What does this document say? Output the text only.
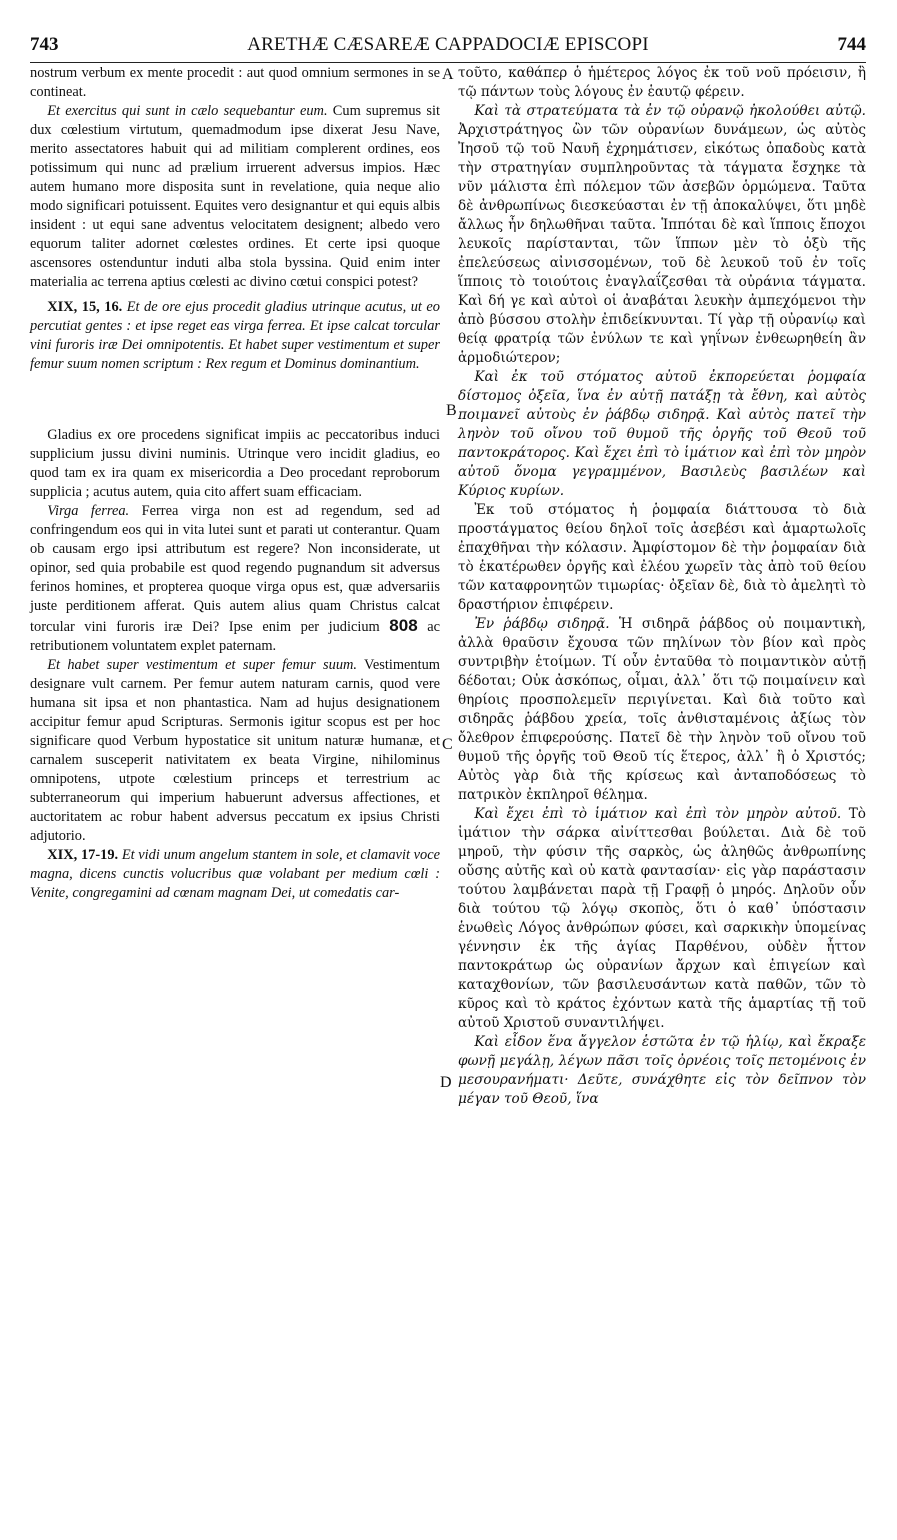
ARETHÆ CÆSAREÆ CAPPADOCIÆ EPISCOPI
743	744
A
B
C
D

nostrum verbum ex mente procedit : aut quod omnium sermones in se contineat.

Et exercitus qui sunt in cælo sequebantur eum. Cum supremus sit dux cœlestium virtutum, quemadmodum ipse dixerat Jesu Nave, merito assectatores habuit qui ad militiam complerent ordines, eos potissimum qui nunc ad prælium irruerent adversus impios. Hæc autem humano more disposita sunt in revelatione, quia neque alio modo significari potuissent. Equites vero designantur et qui equis albis insident : ut equi sane adventus velocitatem designent; albedo vero equorum taliter adornet cœlestes ordines. Et certe ipsi quoque ascensores ostenduntur induti alba stola byssina. Quid enim inter materialia ac terrena aptius cœlesti ac divino cœtui conspici potest?

XIX, 15, 16. Et de ore ejus procedit gladius utrinque acutus, ut eo percutiat gentes : et ipse reget eas virga ferrea. Et ipse calcat torcular vini furoris iræ Dei omnipotentis. Et habet super vestimentum et super femur suum nomen scriptum : Rex regum et Dominus dominantium.

Gladius ex ore procedens significat impiis ac peccatoribus induci supplicium jussu divini numinis. Utrinque vero incidit gladius, eo quod tam ex ira quam ex misericordia a Deo procedant reproborum supplicia ; acutus autem, quia cito affert suam efficaciam.

Virga ferrea. Ferrea virga non est ad regendum, sed ad confringendum eos qui in vita lutei sunt et parati ut conterantur. Quam ob causam ergo ipsi attributum est regere? Non inconsiderate, ut opinor, sed quia probabile est quod regendo pugnandum sit adversus ferinos homines, et propterea quoque virga opus est, quæ adversariis juste perditionem afferat. Quis autem alius quam Christus calcat torcular vini furoris iræ Dei? Ipse enim per judicium 808 ac retributionem voluntatem explet paternam.

Et habet super vestimentum et super femur suum. Vestimentum designare vult carnem. Per femur autem naturam carnis, quod vere humana sit ipsa et non phantastica. Nam ad hujus designationem accipitur femur apud Scripturas. Sermonis igitur scopus est per hoc significare quod Verbum hypostatice sit unitum naturæ humanæ, et carnalem susceperit nativitatem ex beata Virgine, nihilominus omnipotens, utpote cœlestium princeps et terrestrium ac subterraneorum qui imperium habuerunt adversus affectiones, et auctoritatem ac robur habent adversus peccatum ex ipsius Christi adjutorio.

XIX, 17-19. Et vidi unum angelum stantem in sole, et clamavit voce magna, dicens cunctis volucribus quæ volabant per medium cœli : Venite, congregamini ad cœnam magnam Dei, ut comedatis car-

τοῦτο, καθάπερ ὁ ἡμέτερος λόγος ἐκ τοῦ νοῦ πρόεισιν, ἢ τῷ πάντων τοὺς λόγους ἐν ἑαυτῷ φέρειν.

Καὶ τὰ στρατεύματα τὰ ἐν τῷ οὐρανῷ ἠκολούθει αὐτῷ. Ἀρχιστράτηγος ὢν τῶν οὐρανίων δυνάμεων, ὡς αὐτὸς Ἰησοῦ τῷ τοῦ Ναυῆ ἐχρημάτισεν, εἰκότως ὀπαδοὺς κατὰ τὴν στρατηγίαν συμπληροῦντας τὰ τάγματα ἔσχηκε τὰ νῦν μάλιστα ἐπὶ πόλεμον τῶν ἀσεβῶν ὁρμώμενα. Ταῦτα δὲ ἀνθρωπίνως διεσκεύασται ἐν τῇ ἀποκαλύψει, ὅτι μηδὲ ἄλλως ἦν δηλωθῆναι ταῦτα. Ἱππόται δὲ καὶ ἵπποις ἔποχοι λευκοῖς παρίστανται, τῶν ἵππων μὲν τὸ ὀξὺ τῆς ἐπελεύσεως αἰνισσομένων, τοῦ δὲ λευκοῦ τοῦ ἐν τοῖς ἵπποις τὸ τοιούτοις ἐναγλαΐζεσθαι τὰ οὐράνια τάγματα. Καὶ δή γε καὶ αὐτοὶ οἱ ἀναβάται λευκὴν ἀμπεχόμενοι τὴν ἀπὸ βύσσου στολὴν ἐπιδείκνυνται. Τί γὰρ τῇ οὐρανίῳ καὶ θείᾳ φρατρίᾳ τῶν ἐνύλων τε καὶ γηΐνων ἐνθεωρηθείη ἂν ἁρμοδιώτερον;

Καὶ ἐκ τοῦ στόματος αὐτοῦ ἐκπορεύεται ῥομφαία δίστομος ὀξεῖα, ἵνα ἐν αὐτῇ πατάξῃ τὰ ἔθνη, καὶ αὐτὸς ποιμανεῖ αὐτοὺς ἐν ῥάβδῳ σιδηρᾷ. Καὶ αὐτὸς πατεῖ τὴν ληνὸν τοῦ οἴνου τοῦ θυμοῦ τῆς ὀργῆς τοῦ Θεοῦ τοῦ παντοκράτορος. Καὶ ἔχει ἐπὶ τὸ ἱμάτιον καὶ ἐπὶ τὸν μηρὸν αὐτοῦ ὄνομα γεγραμμένον, Βασιλεὺς βασιλέων καὶ Κύριος κυρίων.

Ἐκ τοῦ στόματος ἡ ῥομφαία διάττουσα τὸ διὰ προστάγματος θείου δηλοῖ τοῖς ἀσεβέσι καὶ ἁμαρτωλοῖς ἐπαχθῆναι τὴν κόλασιν. Ἀμφίστομον δὲ τὴν ῥομφαίαν διὰ τὸ ἑκατέρωθεν ὀργῆς καὶ ἐλέου χωρεῖν τὰς ἀπὸ τοῦ θείου τῶν καταφρονητῶν τιμωρίας· ὀξεῖαν δὲ, διὰ τὸ ἀμελητὶ τὸ δραστήριον ἐπιφέρειν.

Ἐν ῥάβδῳ σιδηρᾷ. Ἡ σιδηρᾶ ῥάβδος οὐ ποιμαντικὴ, ἀλλὰ θραῦσιν ἔχουσα τῶν πηλίνων τὸν βίον καὶ πρὸς συντριβὴν ἑτοίμων. Τί οὖν ἐνταῦθα τὸ ποιμαντικὸν αὐτῇ δέδοται; Οὐκ ἀσκόπως, οἶμαι, ἀλλ᾽ ὅτι τῷ ποιμαίνειν καὶ θηρίοις προσπολεμεῖν περιγίνεται. Καὶ διὰ τοῦτο καὶ σιδηρᾶς ῥάβδου χρεία, τοῖς ἀνθισταμένοις ἀξίως τὸν ὄλεθρον ἐπιφερούσης. Πατεῖ δὲ τὴν ληνὸν τοῦ οἴνου τοῦ θυμοῦ τῆς ὀργῆς τοῦ Θεοῦ τίς ἕτερος, ἀλλ᾽ ἢ ὁ Χριστός; Αὐτὸς γὰρ διὰ τῆς κρίσεως καὶ ἀνταποδόσεως τὸ πατρικὸν ἐκπληροῖ θέλημα.

Καὶ ἔχει ἐπὶ τὸ ἱμάτιον καὶ ἐπὶ τὸν μηρὸν αὐτοῦ. Τὸ ἱμάτιον τὴν σάρκα αἰνίττεσθαι βούλεται. Διὰ δὲ τοῦ μηροῦ, τὴν φύσιν τῆς σαρκὸς, ὡς ἀληθῶς ἀνθρωπίνης οὔσης αὐτῆς καὶ οὐ κατὰ φαντασίαν· εἰς γὰρ παράστασιν τούτου λαμβάνεται παρὰ τῇ Γραφῇ ὁ μηρός. Δηλοῦν οὖν διὰ τούτου τῷ λόγῳ σκοπὸς, ὅτι ὁ καθ᾽ ὑπόστασιν ἑνωθεὶς Λόγος ἀνθρώπων φύσει, καὶ σαρκικὴν ὑπομείνας γέννησιν ἐκ τῆς ἁγίας Παρθένου, οὐδὲν ἧττον παντοκράτωρ ὡς οὐρανίων ἄρχων καὶ ἐπιγείων καὶ καταχθονίων, τῶν βασιλευσάντων κατὰ παθῶν, τῶν τὸ κῦρος καὶ τὸ κράτος ἐχόντων κατὰ τῆς ἁμαρτίας τῇ τοῦ αὐτοῦ Χριστοῦ συναντιλήψει.

Καὶ εἶδον ἕνα ἄγγελον ἑστῶτα ἐν τῷ ἡλίῳ, καὶ ἔκραξε φωνῇ μεγάλῃ, λέγων πᾶσι τοῖς ὀρνέοις τοῖς πετομένοις ἐν μεσουρανήματι· Δεῦτε, συνάχθητε εἰς τὸν δεῖπνον τὸν μέγαν τοῦ Θεοῦ, ἵνα
